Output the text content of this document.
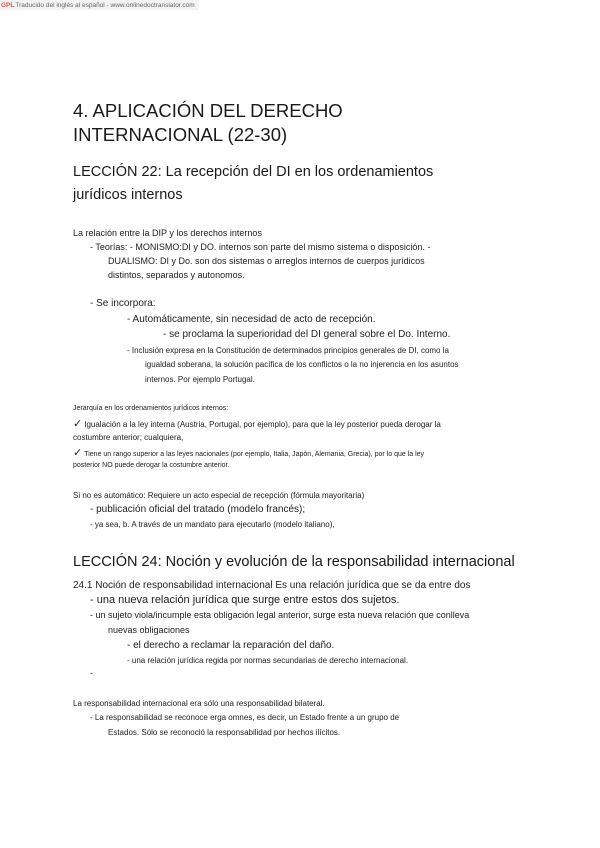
GPL Traducido del inglés al español - www.onlinedoctranslator.com
4. APLICACIÓN DEL DERECHO
INTERNACIONAL (22-30)
LECCIÓN 22: La recepción del DI en los ordenamientos
jurídicos internos
La relación entre la DIP y los derechos internos
- Teorías: - MONISMO:DI y DO. internos son parte del mismo sistema o disposición. -
DUALISMO: DI y Do. son dos sistemas o arreglos internos de cuerpos jurídicos
distintos, separados y autonomos.
- Se incorpora:
- Automáticamente, sin necesidad de acto de recepción.
- se proclama la superioridad del DI general sobre el Do. Interno.
- Inclusión expresa en la Constitución de determinados principios generales de DI, como la
igualdad soberana, la solución pacífica de los conflictos o la no injerencia en los asuntos
internos. Por ejemplo Portugal.
Jerarquía en los ordenamientos jurídicos internos:
✓ Igualación a la ley interna (Austria, Portugal, por ejemplo), para que la ley posterior pueda derogar la
costumbre anterior; cualquiera,
✓ Tiene un rango superior a las leyes nacionales (por ejemplo, Italia, Japón, Alemania, Grecia), por lo que la ley
posterior NO puede derogar la costumbre anterior.
Si no es automático: Requiere un acto especial de recepción (fórmula mayoritaria)
- publicación oficial del tratado (modelo francés);
- ya sea, b. A través de un mandato para ejecutarlo (modelo italiano),
LECCIÓN 24: Noción y evolución de la responsabilidad internacional
24.1 Noción de responsabilidad internacional Es una relación jurídica que se da entre dos
- una nueva relación jurídica que surge entre estos dos sujetos.
- un sujeto viola/incumple esta obligación legal anterior, surge esta nueva relación que conlleva
nuevas obligaciones
- el derecho a reclamar la reparación del daño.
- una relación jurídica regida por normas secundarias de derecho internacional.
-
La responsabilidad internacional era sólo una responsabilidad bilateral.
- La responsabilidad se reconoce erga omnes, es decir, un Estado frente a un grupo de
Estados. Sólo se reconoció la responsabilidad por hechos ilícitos.
